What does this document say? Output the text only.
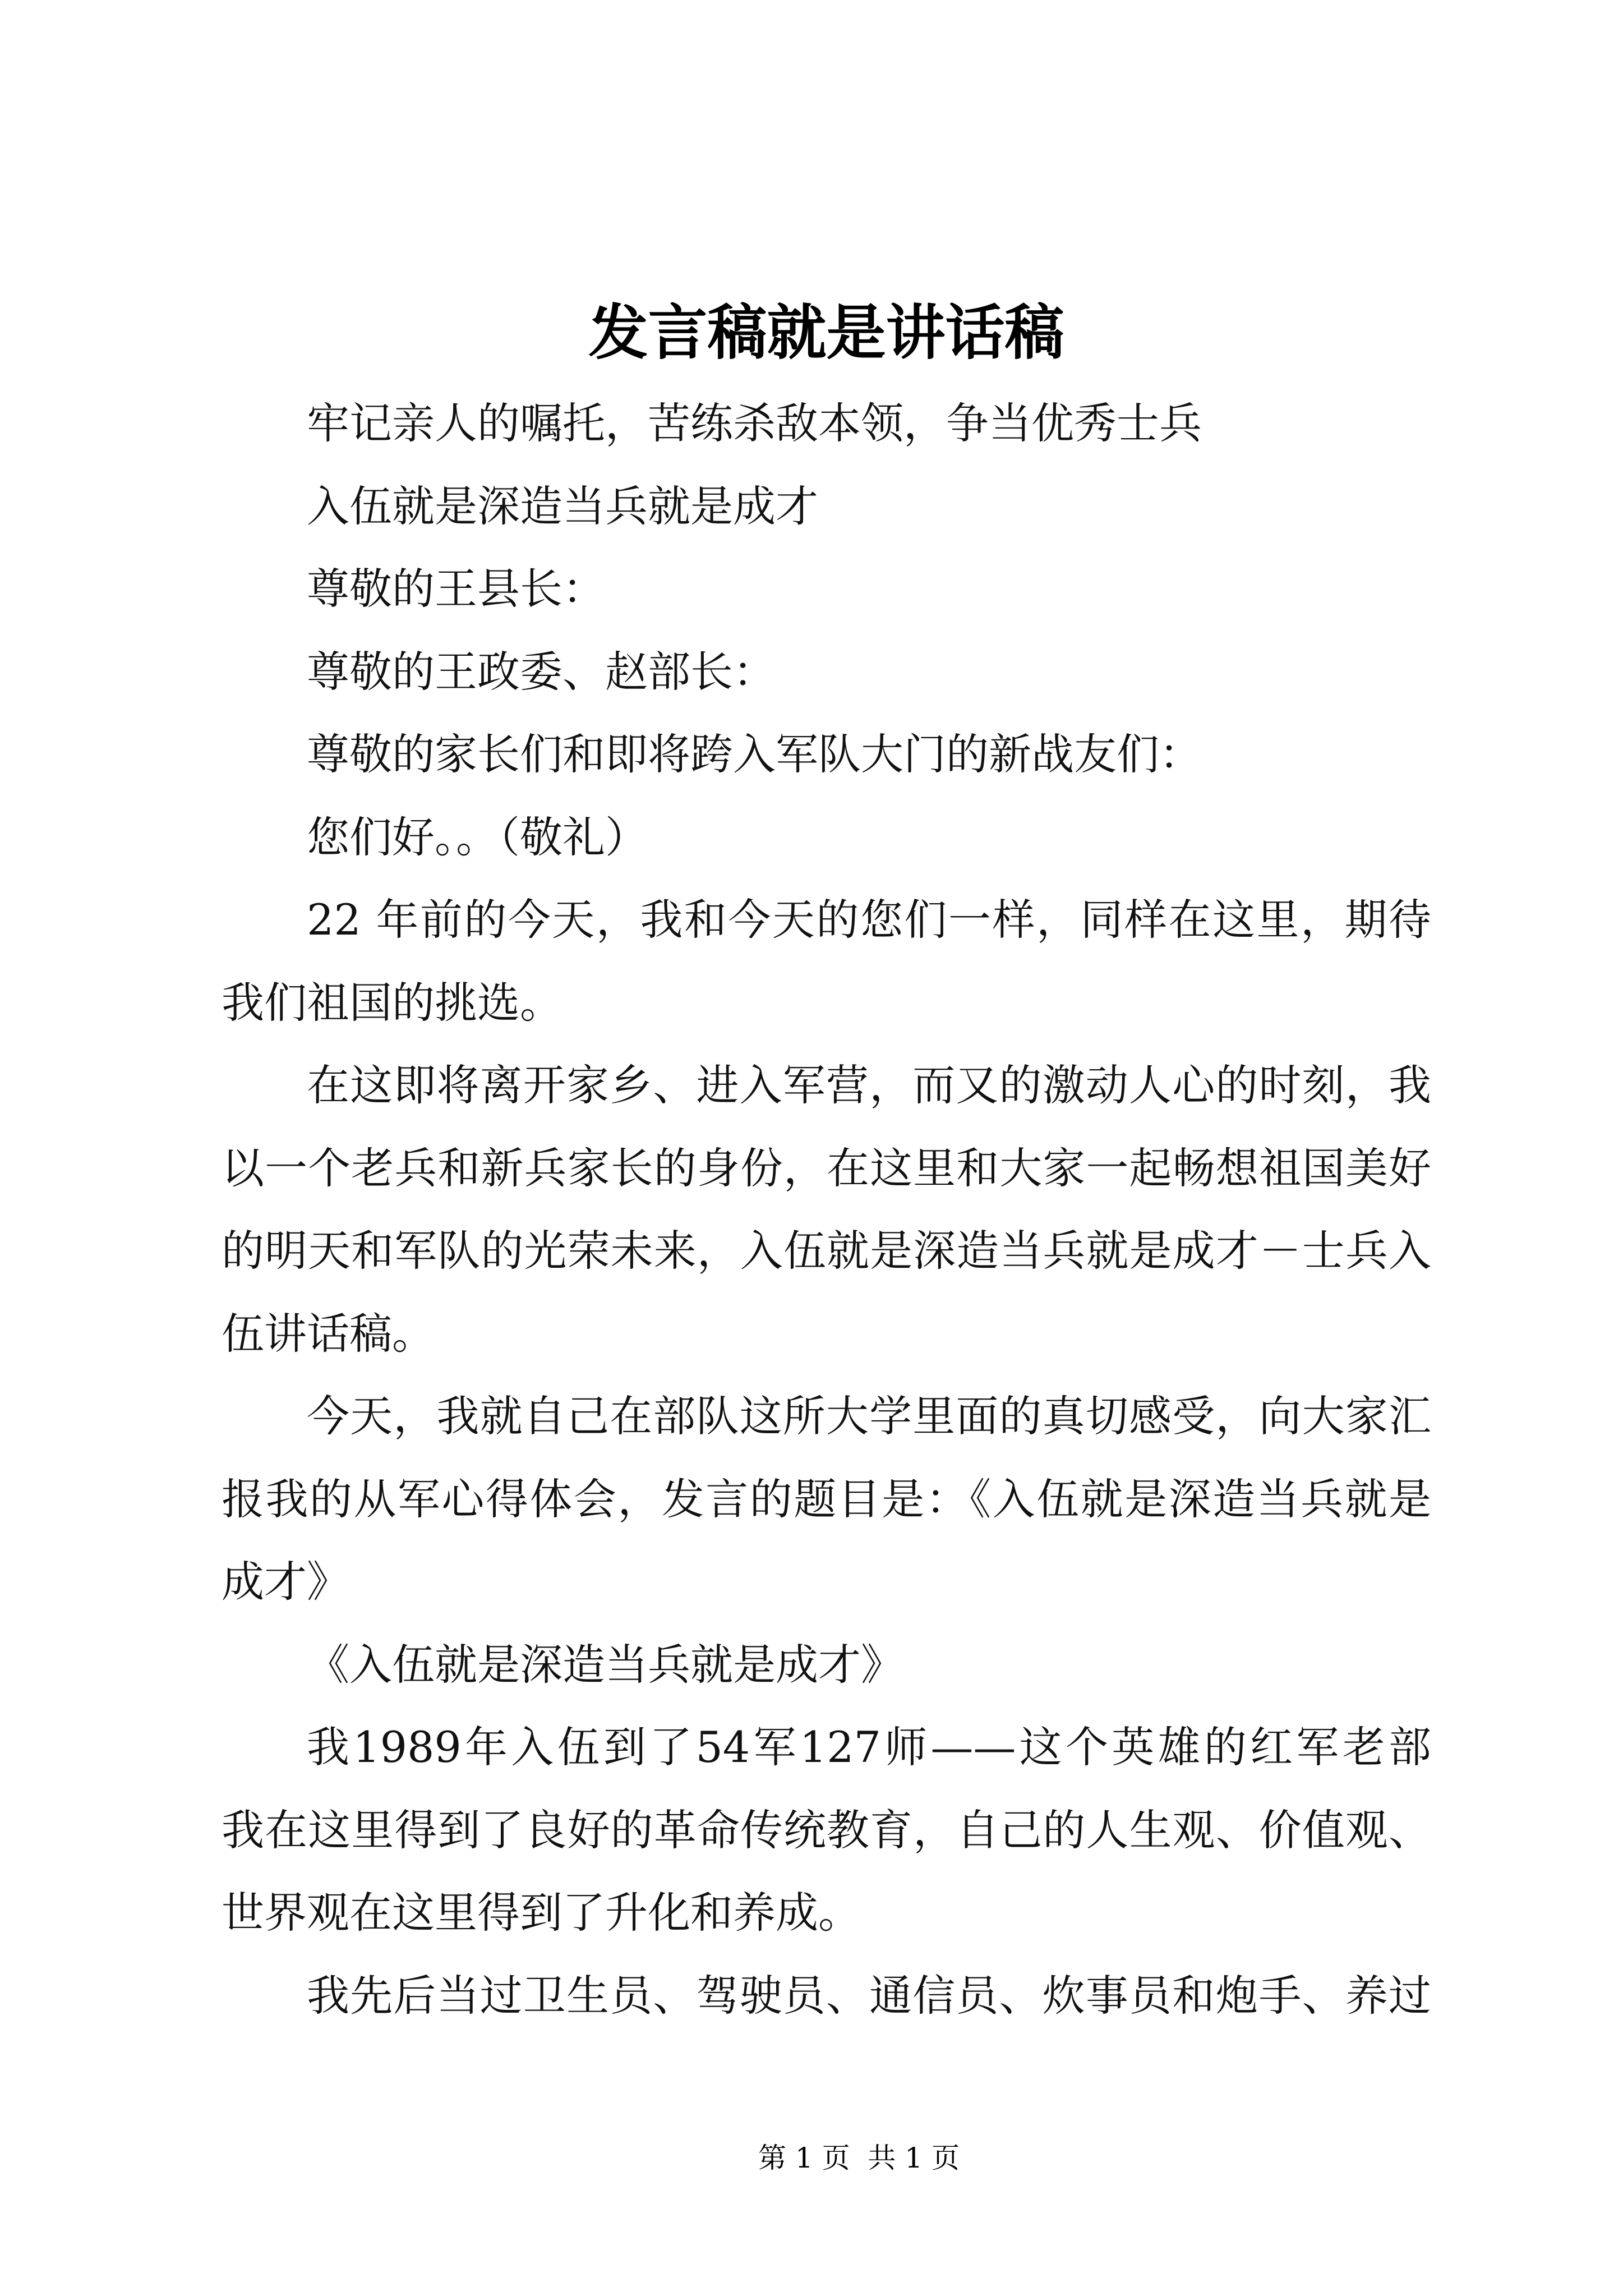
发言稿就是讲话稿
牢记亲人的嘱托，苦练杀敌本领，争当优秀士兵
入伍就是深造当兵就是成才
尊敬的王县长：
尊敬的王政委、赵部长：
尊敬的家长们和即将跨入军队大门的新战友们：
您们好。。（敬礼）
22 年前的今天，我和今天的您们一样，同样在这里，期待
我们祖国的挑选。
在这即将离开家乡、进入军营，而又的激动人心的时刻，我
以一个老兵和新兵家长的身份，在这里和大家一起畅想祖国美好
的明天和军队的光荣未来，入伍就是深造当兵就是成才－士兵入
伍讲话稿。
今天，我就自己在部队这所大学里面的真切感受，向大家汇
报我的从军心得体会，发言的题目是：《入伍就是深造当兵就是
成才》
《入伍就是深造当兵就是成才》
我1989年入伍到了54军127师——这个英雄的红军老部
我在这里得到了良好的革命传统教育，自己的人生观、价值观、
世界观在这里得到了升化和养成。
我先后当过卫生员、驾驶员、通信员、炊事员和炮手、养过
第 1 页  共 1 页
